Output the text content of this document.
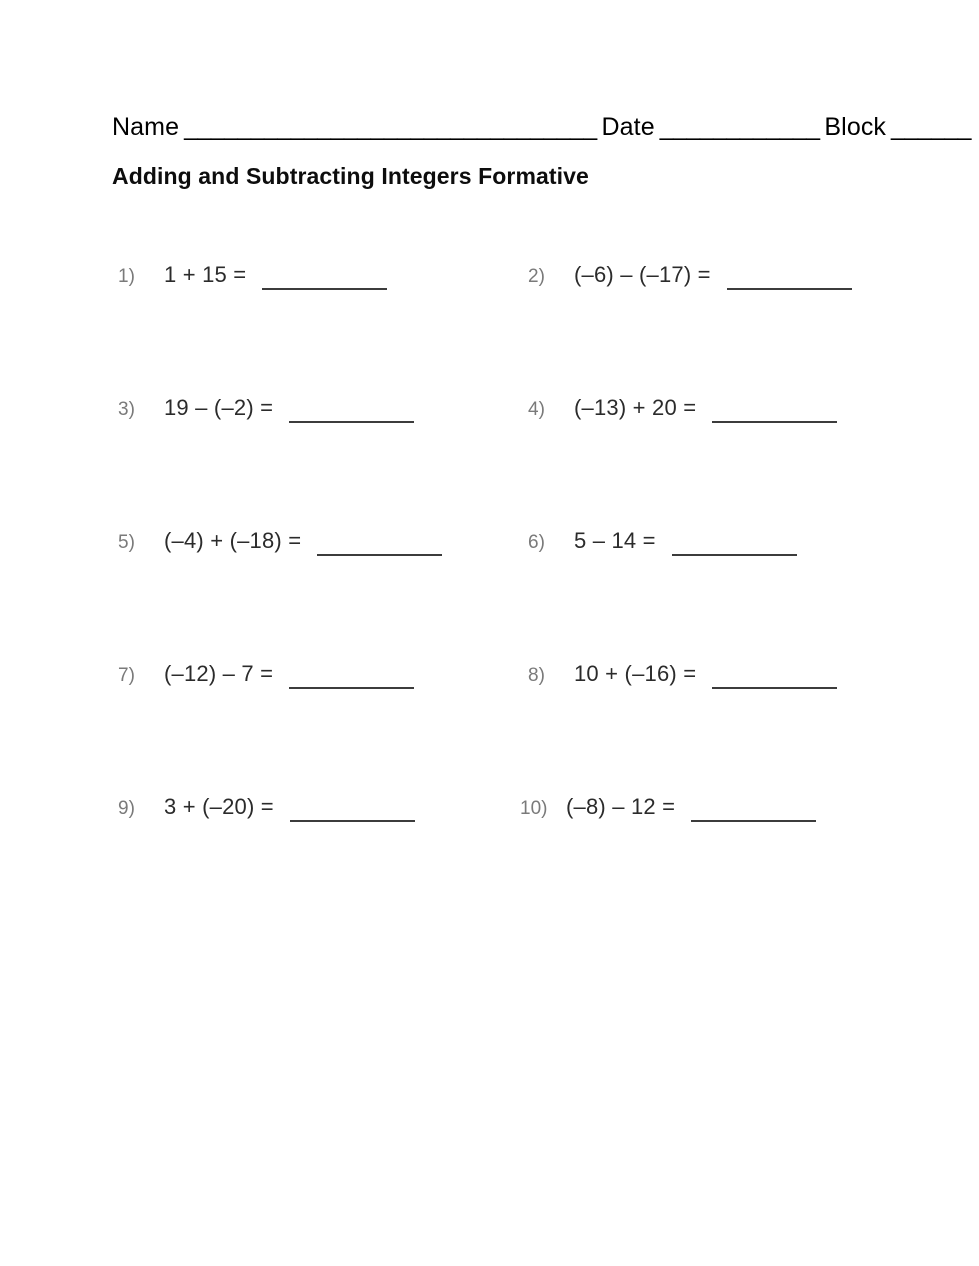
Name _______________________________ Date ____________ Block ______
Adding and Subtracting Integers Formative
1)	1 + 15 =	2)	(–6) – (–17) =
3)	19 – (–2) =	4)	(–13) + 20 =
5)	(–4) + (–18) =	6)	5 – 14 =
7)	(–12) – 7 =	8)	10 + (–16) =
9)	3 + (–20) =	10) (–8) – 12 =
